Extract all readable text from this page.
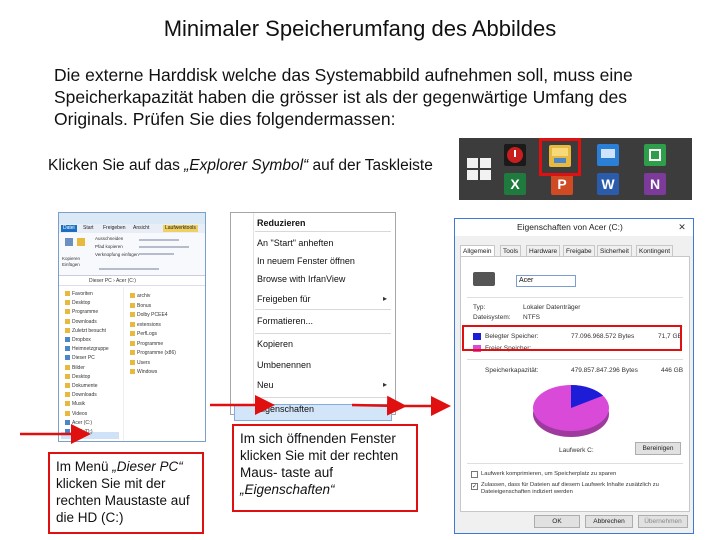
Minimaler Speicherumfang des Abbildes
Die externe Harddisk welche das Systemabbild aufnehmen soll, muss eine Speicherkapazität haben die grösser ist als der gegenwärtige Umfang des Originals. Prüfen Sie dies folgendermassen:
Klicken Sie auf das „Explorer Symbol“ auf der Taskleiste
X	P	W	N
Datei	Start Freigeben Ansicht	Laufwerktools
Ausschneiden
Pfad kopieren
Verknüpfung einfügen
Kopieren
Einfügen
Dieser PC › Acer (C:)
Favoriten
Desktop
Programme
Downloads
Zuletzt besucht
Dropbox
Heimnetzgruppe
Dieser PC
Bilder
Desktop
Dokumente
Downloads
Musik
Videos
Acer (C:)
TIBA (D:)
archiv
Bonus
Dolby PCEE4
extensions
PerfLogs
Programme
Programme (x86)
Users
Windows
Reduzieren
An "Start" anheften
In neuem Fenster öffnen
Browse with IrfanView
Freigeben für	▸
Formatieren...
Kopieren
Umbenennen
Neu	▸
Eigenschaften
Eigenschaften von Acer (C:)	✕
Allgemein	Tools	Hardware	Freigabe	Sicherheit	Kontingent
Acer
Typ:	Lokaler Datenträger
Dateisystem: NTFS
Belegter Speicher:	77.096.968.572 Bytes	71,7 GB
Freier Speicher:
Speicherkapazität:	479.857.847.296 Bytes	446 GB
Laufwerk C:	Bereinigen
Laufwerk komprimieren, um Speicherplatz zu sparen
✓ Zulassen, dass für Dateien auf diesem Laufwerk Inhalte zusätzlich zu Dateieigenschaften indiziert werden
OK	Abbrechen	Übernehmen
Im Menü „Dieser PC“ klicken Sie mit der rechten Maustaste auf die HD (C:)
Im sich öffnenden Fenster klicken Sie mit der rechten Maus- taste auf „Eigenschaften“
